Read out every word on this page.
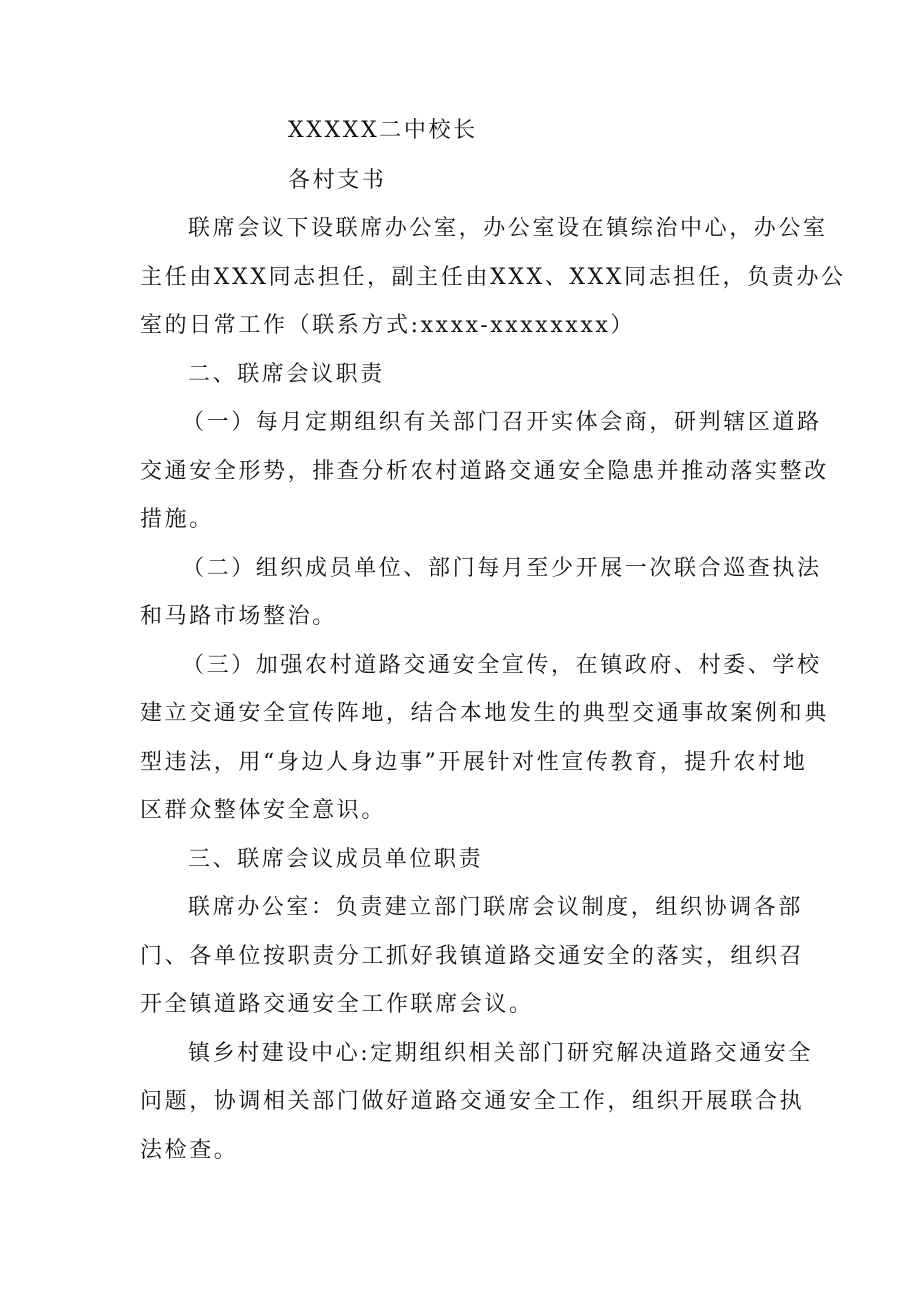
XXXXX二中校长
各村支书
联席会议下设联席办公室，办公室设在镇综治中心，办公室
主任由XXX同志担任，副主任由XXX、XXX同志担任，负责办公
室的日常工作（联系方式:xxxx-xxxxxxxx）
二、联席会议职责
（一）每月定期组织有关部门召开实体会商，研判辖区道路
交通安全形势，排查分析农村道路交通安全隐患并推动落实整改
措施。
（二）组织成员单位、部门每月至少开展一次联合巡查执法
和马路市场整治。
（三）加强农村道路交通安全宣传，在镇政府、村委、学校
建立交通安全宣传阵地，结合本地发生的典型交通事故案例和典
型违法，用“身边人身边事”开展针对性宣传教育，提升农村地
区群众整体安全意识。
三、联席会议成员单位职责
联席办公室：负责建立部门联席会议制度，组织协调各部
门、各单位按职责分工抓好我镇道路交通安全的落实，组织召
开全镇道路交通安全工作联席会议。
镇乡村建设中心:定期组织相关部门研究解决道路交通安全
问题，协调相关部门做好道路交通安全工作，组织开展联合执
法检查。
